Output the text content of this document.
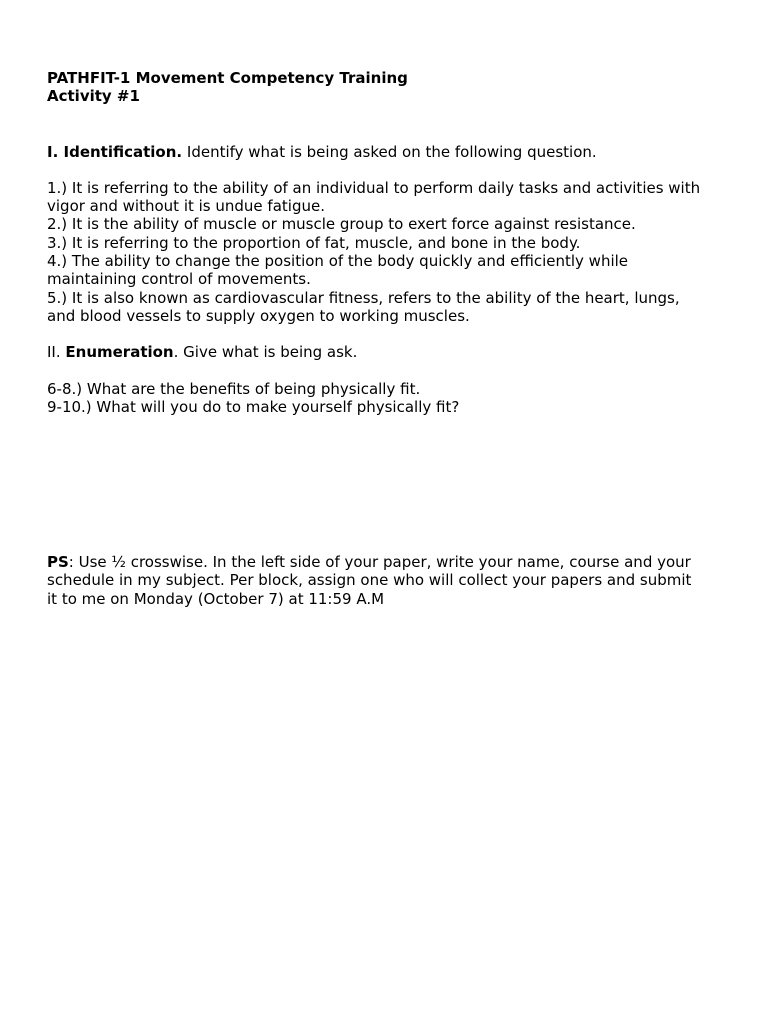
PATHFIT-1 Movement Competency Training
Activity #1
I. Identification. Identify what is being asked on the following question.
1.) It is referring to the ability of an individual to perform daily tasks and activities with
vigor and without it is undue fatigue.
2.) It is the ability of muscle or muscle group to exert force against resistance.
3.) It is referring to the proportion of fat, muscle, and bone in the body.
4.) The ability to change the position of the body quickly and efficiently while
maintaining control of movements.
5.) It is also known as cardiovascular fitness, refers to the ability of the heart, lungs,
and blood vessels to supply oxygen to working muscles.
II. Enumeration. Give what is being ask.
6-8.) What are the benefits of being physically fit.
9-10.) What will you do to make yourself physically fit?
PS: Use ½ crosswise. In the left side of your paper, write your name, course and your
schedule in my subject. Per block, assign one who will collect your papers and submit
it to me on Monday (October 7) at 11:59 A.M
